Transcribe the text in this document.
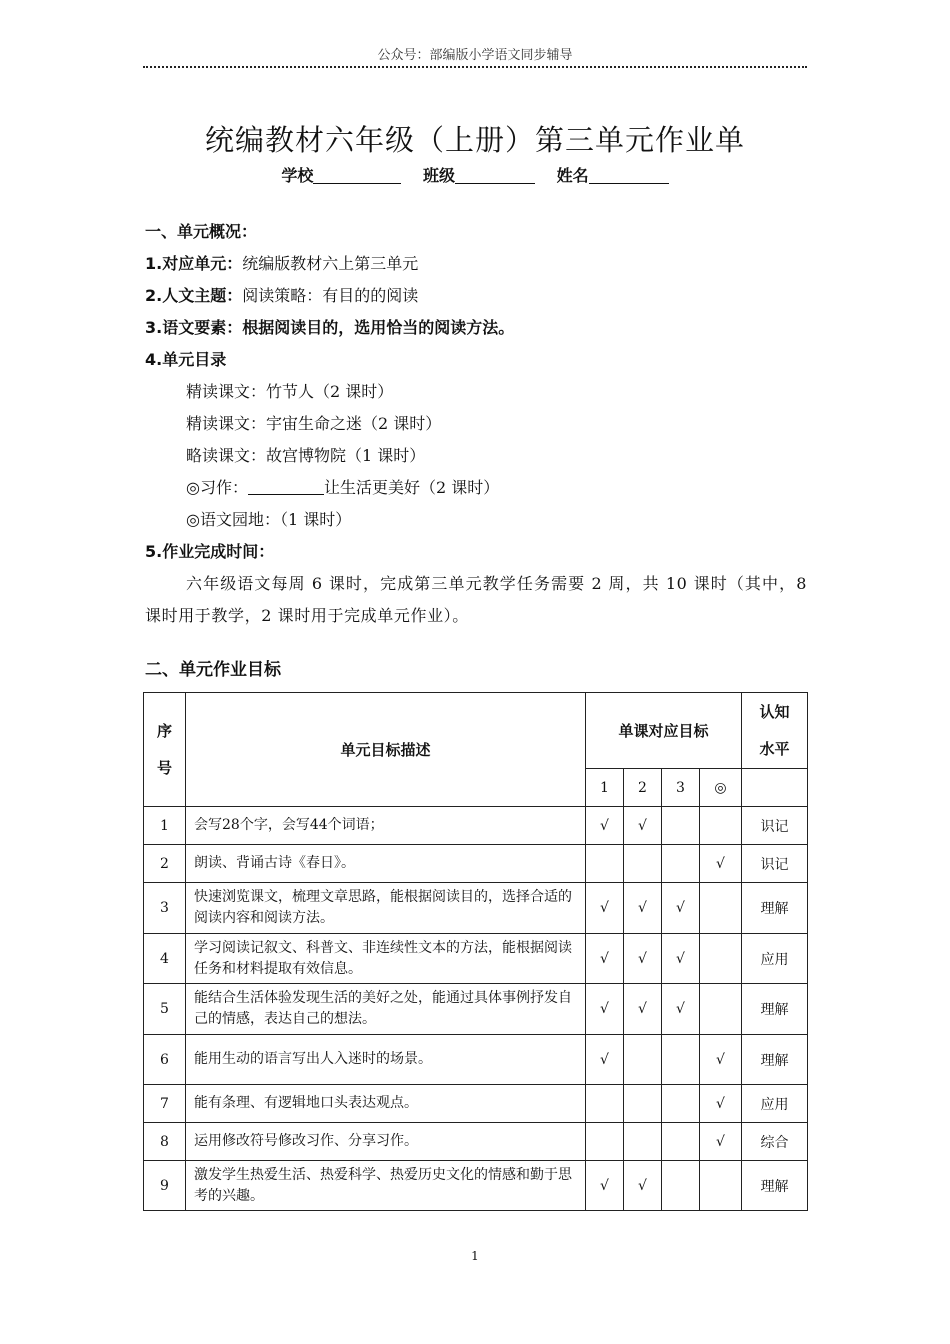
公众号：部编版小学语文同步辅导
统编教材六年级（上册）第三单元作业单
学校	班级	姓名
一、单元概况：
1.对应单元：统编版教材六上第三单元
2.人文主题：阅读策略：有目的的阅读
3.语文要素：根据阅读目的，选用恰当的阅读方法。
4.单元目录
精读课文：竹节人（2 课时）
精读课文：宇宙生命之迷（2 课时）
略读课文：故宫博物院（1 课时）
◎习作：	让生活更美好（2 课时）
◎语文园地：（1 课时）
5.作业完成时间：
六年级语文每周 6 课时，完成第三单元教学任务需要 2 周，共 10 课时（其中，8 课时用于教学，2 课时用于完成单元作业）。
二、单元作业目标
序
号	单元目标描述	单课对应目标				认知
水平
		1	2	3	◎	
1	会写28个字，会写44个词语；	√	√			识记
2	朗读、背诵古诗《春日》。				√	识记
3	快速浏览课文，梳理文章思路，能根据阅读目的，选择合适的阅读内容和阅读方法。	√	√	√		理解
4	学习阅读记叙文、科普文、非连续性文本的方法，能根据阅读任务和材料提取有效信息。	√	√	√		应用
5	能结合生活体验发现生活的美好之处，能通过具体事例抒发自己的情感，表达自己的想法。	√	√	√		理解
6	能用生动的语言写出人入迷时的场景。	√			√	理解
7	能有条理、有逻辑地口头表达观点。				√	应用
8	运用修改符号修改习作、分享习作。				√	综合
9	激发学生热爱生活、热爱科学、热爱历史文化的情感和勤于思考的兴趣。	√	√			理解
1
